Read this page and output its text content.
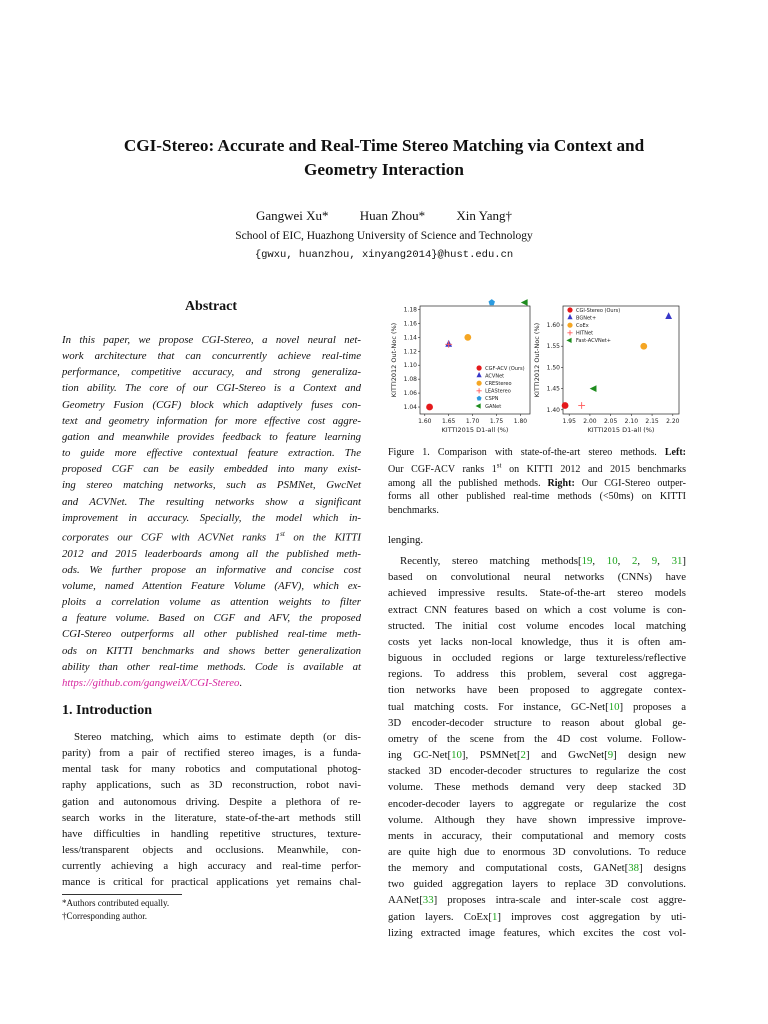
CGI-Stereo: Accurate and Real-Time Stereo Matching via Context and
Geometry Interaction
Gangwei Xu* Huan Zhou* Xin Yang†
School of EIC, Huazhong University of Science and Technology
{gwxu, huanzhou, xinyang2014}@hust.edu.cn
Abstract
In this paper, we propose CGI-Stereo, a novel neural net-
work architecture that can concurrently achieve real-time
performance, competitive accuracy, and strong generaliza-
tion ability. The core of our CGI-Stereo is a Context and
Geometry Fusion (CGF) block which adaptively fuses con-
text and geometry information for more effective cost aggre-
gation and meanwhile provides feedback to feature learning
to guide more effective contextual feature extraction. The
proposed CGF can be easily embedded into many exist-
ing stereo matching networks, such as PSMNet, GwcNet
and ACVNet. The resulting networks show a significant
improvement in accuracy. Specially, the model which in-
corporates our CGF with ACVNet ranks 1st on the KITTI
2012 and 2015 leaderboards among all the published meth-
ods. We further propose an informative and concise cost
volume, named Attention Feature Volume (AFV), which ex-
ploits a correlation volume as attention weights to filter
a feature volume. Based on CGF and AFV, the proposed
CGI-Stereo outperforms all other published real-time meth-
ods on KITTI benchmarks and shows better generalization
ability than other real-time methods. Code is available at
https://github.com/gangweiX/CGI-Stereo.
1. Introduction
Stereo matching, which aims to estimate depth (or dis-
parity) from a pair of rectified stereo images, is a funda-
mental task for many robotics and computational photog-
raphy applications, such as 3D reconstruction, robot navi-
gation and autonomous driving. Despite a plethora of re-
search works in the literature, state-of-the-art methods still
have difficulties in handling repetitive structures, texture-
less/transparent objects and occlusions. Meanwhile, con-
currently achieving a high accuracy and real-time perfor-
mance is critical for practical applications yet remains chal-
*Authors contributed equally.
†Corresponding author.
1.60 1.65 1.70 1.75 1.80
1.04
1.06
1.08
1.10
1.12
1.14
1.16
1.18
KITTI2015 D1-all (%)
KITTI2012 Out-Noc (%)	CGF-ACV (Ours)
ACVNet
CREStereo
LEAStereo
CSPN
GANet
1.95 2.00 2.05 2.10 2.15 2.20
1.40
1.45
1.50
1.55
1.60
KITTI2015 D1-all (%)
KITTI2012 Out-Noc (%)
CGI-Stereo (Ours)
BGNet+
CoEx
HITNet
Fast-ACVNet+
Figure 1. Comparison with state-of-the-art stereo methods. Left:
Our CGF-ACV ranks 1st on KITTI 2012 and 2015 benchmarks
among all the published methods. Right: Our CGI-Stereo outper-
forms all other published real-time methods (<50ms) on KITTI
benchmarks.
lenging.
Recently, stereo matching methods[19, 10, 2, 9, 31]
based on convolutional neural networks (CNNs) have
achieved impressive results. State-of-the-art stereo models
extract CNN features based on which a cost volume is con-
structed. The initial cost volume encodes local matching
costs yet lacks non-local knowledge, thus it is often am-
biguous in occluded regions or large textureless/reflective
regions. To address this problem, several cost aggrega-
tion networks have been proposed to aggregate contex-
tual matching costs. For instance, GC-Net[10] proposes a
3D encoder-decoder structure to reason about global ge-
ometry of the scene from the 4D cost volume. Follow-
ing GC-Net[10], PSMNet[2] and GwcNet[9] design new
stacked 3D encoder-decoder structures to regularize the cost
volume. These methods demand very deep stacked 3D
encoder-decoder layers to aggregate or regularize the cost
volume. Although they have shown impressive improve-
ments in accuracy, their computational and memory costs
are quite high due to enormous 3D convolutions. To reduce
the memory and computational costs, GANet[38] designs
two guided aggregation layers to replace 3D convolutions.
AANet[33] proposes intra-scale and inter-scale cost aggre-
gation layers. CoEx[1] improves cost aggregation by uti-
lizing extracted image features, which excites the cost vol-
